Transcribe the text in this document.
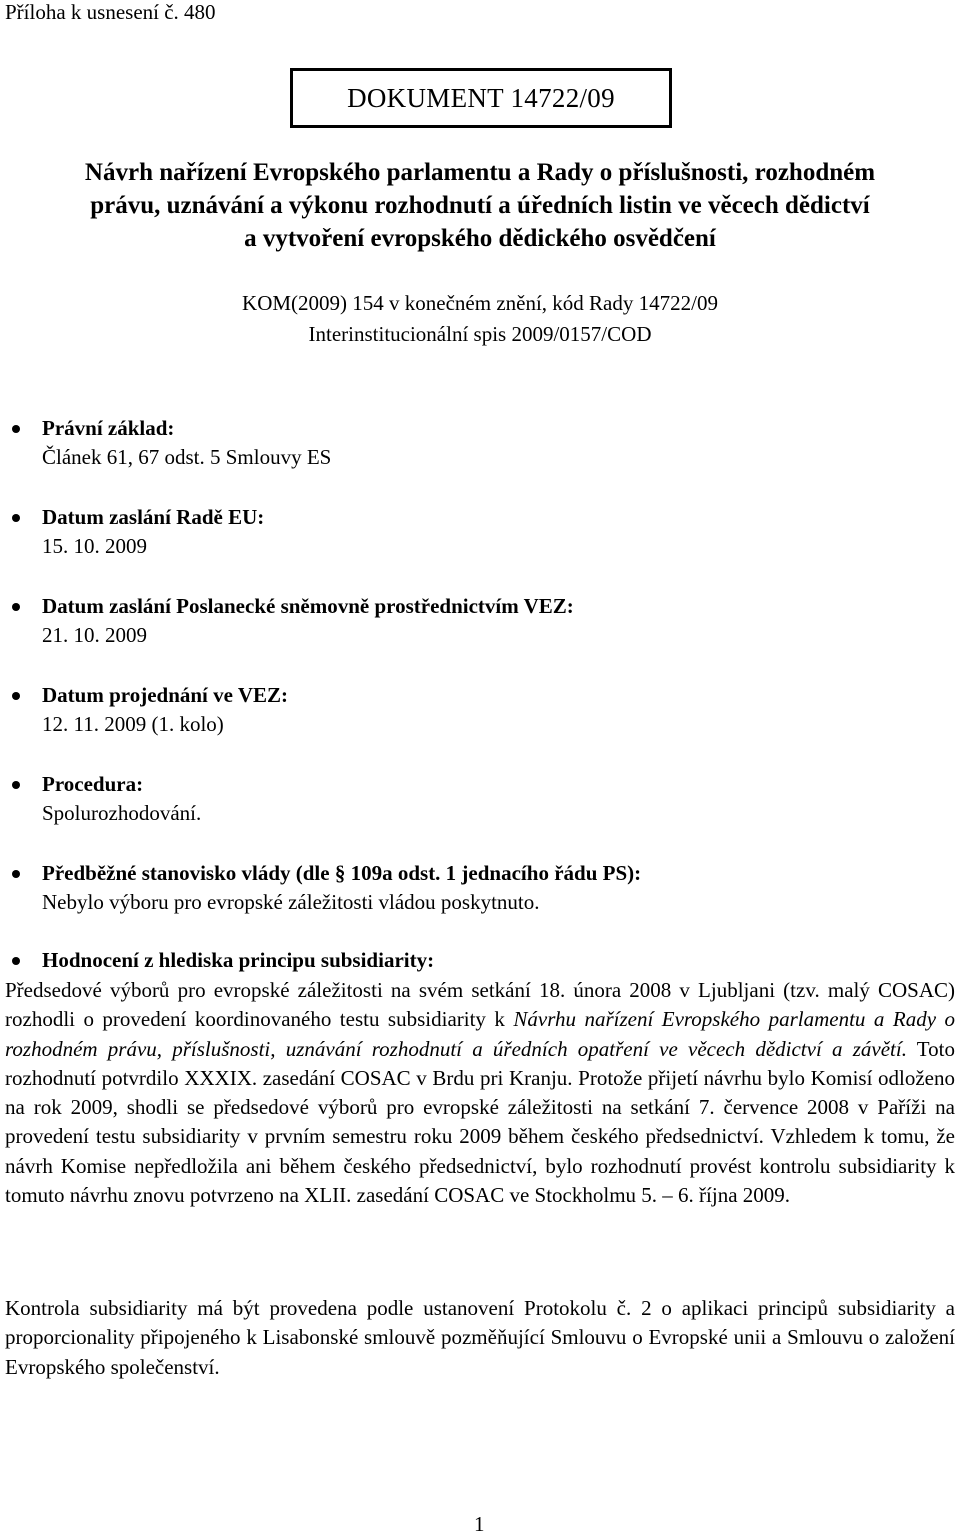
Příloha k usnesení č. 480
DOKUMENT 14722/09
Návrh nařízení Evropského parlamentu a Rady o příslušnosti, rozhodném
právu, uznávání a výkonu rozhodnutí a úředních listin ve věcech dědictví
a vytvoření evropského dědického osvědčení
KOM(2009) 154 v konečném znění, kód Rady 14722/09
Interinstitucionální spis 2009/0157/COD
Právní základ:
Článek 61, 67 odst. 5 Smlouvy ES
Datum zaslání Radě EU:
15. 10. 2009
Datum zaslání Poslanecké sněmovně prostřednictvím VEZ:
21. 10. 2009
Datum projednání ve VEZ:
12. 11. 2009 (1. kolo)
Procedura:
Spolurozhodování.
Předběžné stanovisko vlády (dle § 109a odst. 1 jednacího řádu PS):
Nebylo výboru pro evropské záležitosti vládou poskytnuto.
Hodnocení z hlediska principu subsidiarity:
Předsedové výborů pro evropské záležitosti na svém setkání 18. února 2008 v Ljubljani (tzv. malý COSAC) rozhodli o provedení koordinovaného testu subsidiarity k Návrhu nařízení Evropského parlamentu a Rady o rozhodném právu, příslušnosti, uznávání rozhodnutí a úředních opatření ve věcech dědictví a závětí. Toto rozhodnutí potvrdilo XXXIX. zasedání COSAC v Brdu pri Kranju. Protože přijetí návrhu bylo Komisí odloženo na rok 2009, shodli se předsedové výborů pro evropské záležitosti na setkání 7. července 2008 v Paříži na provedení testu subsidiarity v prvním semestru roku 2009 během českého předsednictví. Vzhledem k tomu, že návrh Komise nepředložila ani během českého předsednictví, bylo rozhodnutí provést kontrolu subsidiarity k tomuto návrhu znovu potvrzeno na XLII. zasedání COSAC ve Stockholmu 5. – 6. října 2009.
Kontrola subsidiarity má být provedena podle ustanovení Protokolu č. 2 o aplikaci principů subsidiarity a proporcionality připojeného k Lisabonské smlouvě pozměňující Smlouvu o Evropské unii a Smlouvu o založení Evropského společenství.
1
